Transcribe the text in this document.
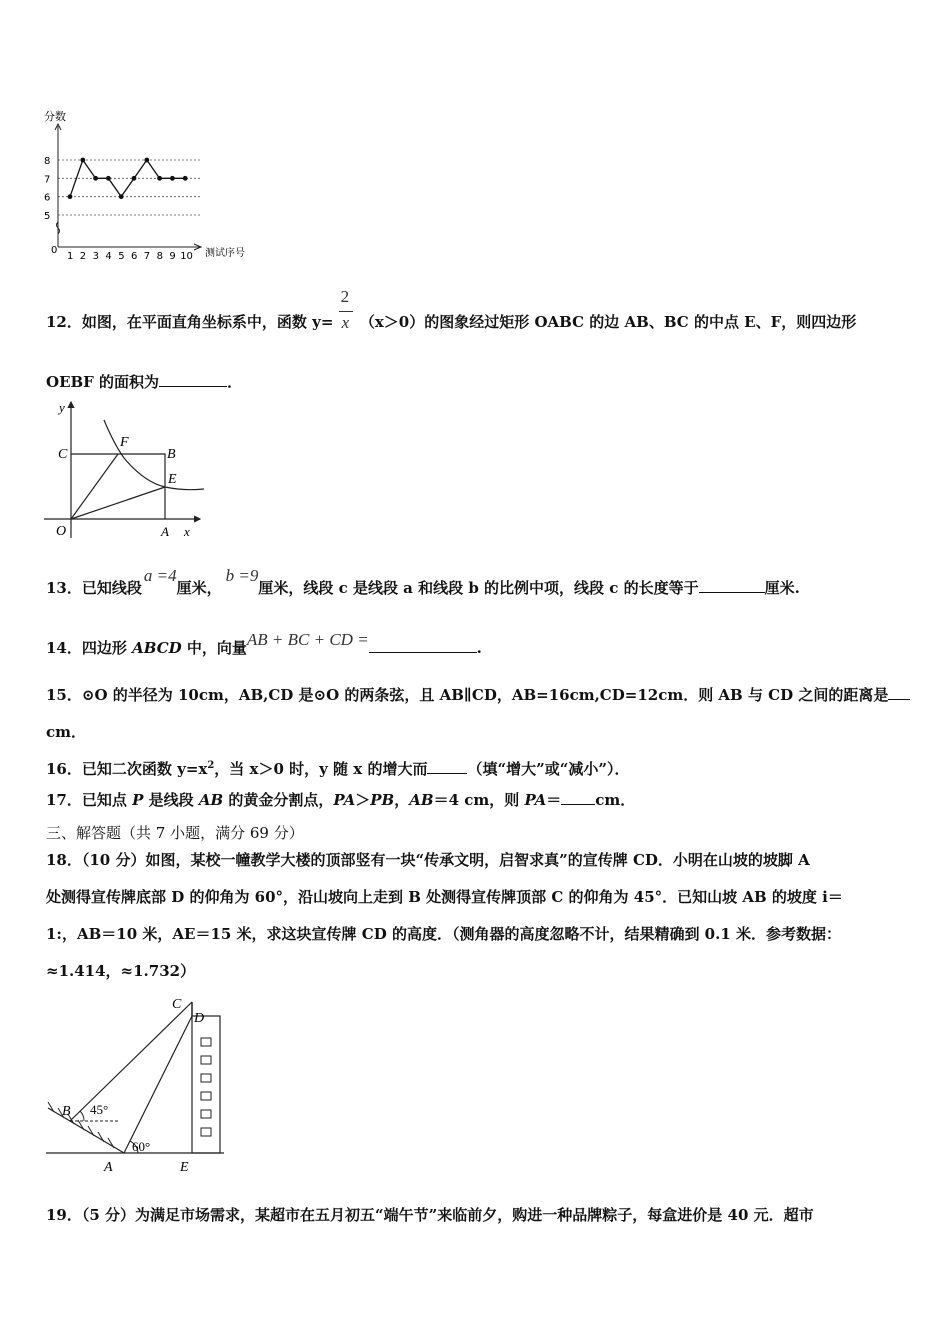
分数
测试序号
0
5
6
7
8
1 2 3 4 5 6 7 8 9 10
12．如图，在平面直角坐标系中，函数 $y= \frac{2}{x} (x>0)$的图象经过矩形 OABC 的边 AB、BC 的中点 E、F，则四边形
OEBF 的面积为	．
y
C
F
B
E
O	A x
13．已知线段a =4厘米，b =9厘米，线段 c 是线段 a 和线段 b 的比例中项，线段 c 的长度等于	厘米.
14．四边形 ABCD 中，向量AB + BC + CD =	.
15．⊙O 的半径为 10cm，AB,CD 是⊙O 的两条弦，且 AB∥CD，AB=16cm,CD=12cm．则 AB 与 CD 之间的距离是
cm．
16．已知二次函数 $y=x^2$，当 x＞0 时，y 随 x 的增大而	（填“增大”或“减小”）．
17．已知点 P 是线段 AB 的黄金分割点，PA＞PB，AB＝4 cm，则 PA＝ cm．
三、解答题（共 7 小题，满分 69 分）
18．（10 分）如图，某校一幢教学大楼的顶部竖有一块“传承文明，启智求真”的宣传牌 CD．小明在山坡的坡脚 A
处测得宣传牌底部 D 的仰角为 60°，沿山坡向上走到 B 处测得宣传牌顶部 C 的仰角为 45°．已知山坡 AB 的坡度 i＝
1:，AB＝10 米，AE＝15 米，求这块宣传牌 CD 的高度．（测角器的高度忽略不计，结果精确到 0.1 米．参考数据：
≈1.414，≈1.732）
C
D
B 45°
60°
A	E
19．（5 分）为满足市场需求，某超市在五月初五“端午节”来临前夕，购进一种品牌粽子，每盒进价是 40 元．超市
